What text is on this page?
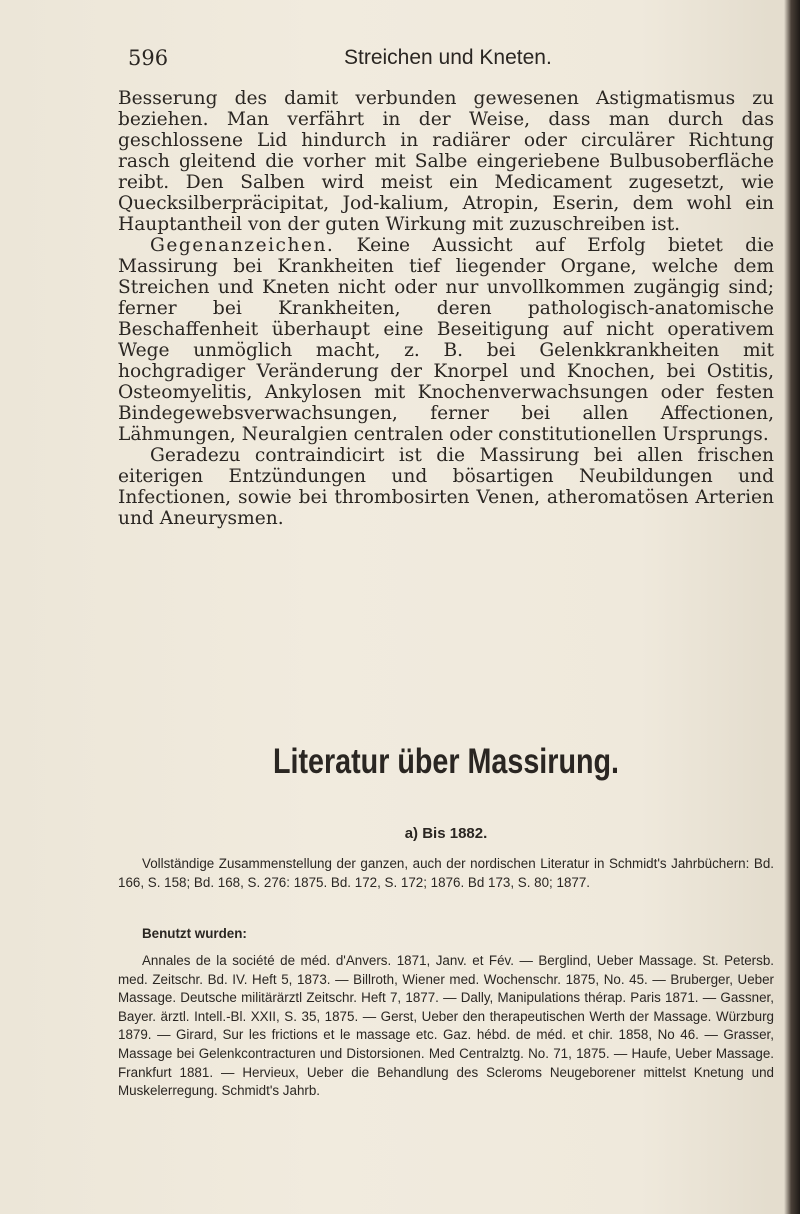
596	Streichen und Kneten.

Besserung des damit verbunden gewesenen Astigmatismus zu beziehen. Man verfährt in der Weise, dass man durch das geschlossene Lid hindurch in radiärer oder circulärer Richtung rasch gleitend die vorher mit Salbe eingeriebene Bulbusoberfläche reibt. Den Salben wird meist ein Medicament zugesetzt, wie Quecksilberpräcipitat, Jod-kalium, Atropin, Eserin, dem wohl ein Hauptantheil von der guten Wirkung mit zuzuschreiben ist.

Gegenanzeichen. Keine Aussicht auf Erfolg bietet die Massirung bei Krankheiten tief liegender Organe, welche dem Streichen und Kneten nicht oder nur unvollkommen zugängig sind; ferner bei Krankheiten, deren pathologisch-anatomische Beschaffenheit überhaupt eine Beseitigung auf nicht operativem Wege unmöglich macht, z. B. bei Gelenkkrankheiten mit hochgradiger Veränderung der Knorpel und Knochen, bei Ostitis, Osteomyelitis, Ankylosen mit Knochenverwachsungen oder festen Bindegewebsverwachsungen, ferner bei allen Affectionen, Lähmungen, Neuralgien centralen oder constitutionellen Ursprungs.

Geradezu contraindicirt ist die Massirung bei allen frischen eiterigen Entzündungen und bösartigen Neubildungen und Infectionen, sowie bei thrombosirten Venen, atheromatösen Arterien und Aneurysmen.

Literatur über Massirung.
a) Bis 1882.

Vollständige Zusammenstellung der ganzen, auch der nordischen Literatur in Schmidt's Jahrbüchern: Bd. 166, S. 158; Bd. 168, S. 276: 1875. Bd. 172, S. 172; 1876. Bd 173, S. 80; 1877.

Benutzt wurden:

Annales de la société de méd. d'Anvers. 1871, Janv. et Fév. — Berglind, Ueber Massage. St. Petersb. med. Zeitschr. Bd. IV. Heft 5, 1873. — Billroth, Wiener med. Wochenschr. 1875, No. 45. — Bruberger, Ueber Massage. Deutsche militärärztl Zeitschr. Heft 7, 1877. — Dally, Manipulations thérap. Paris 1871. — Gassner, Bayer. ärztl. Intell.-Bl. XXII, S. 35, 1875. — Gerst, Ueber den therapeutischen Werth der Massage. Würzburg 1879. — Girard, Sur les frictions et le massage etc. Gaz. hébd. de méd. et chir. 1858, No 46. — Grasser, Massage bei Gelenkcontracturen und Distorsionen. Med Centralztg. No. 71, 1875. — Haufe, Ueber Massage. Frankfurt 1881. — Hervieux, Ueber die Behandlung des Scleroms Neugeborener mittelst Knetung und Muskelerregung. Schmidt's Jahrb.
